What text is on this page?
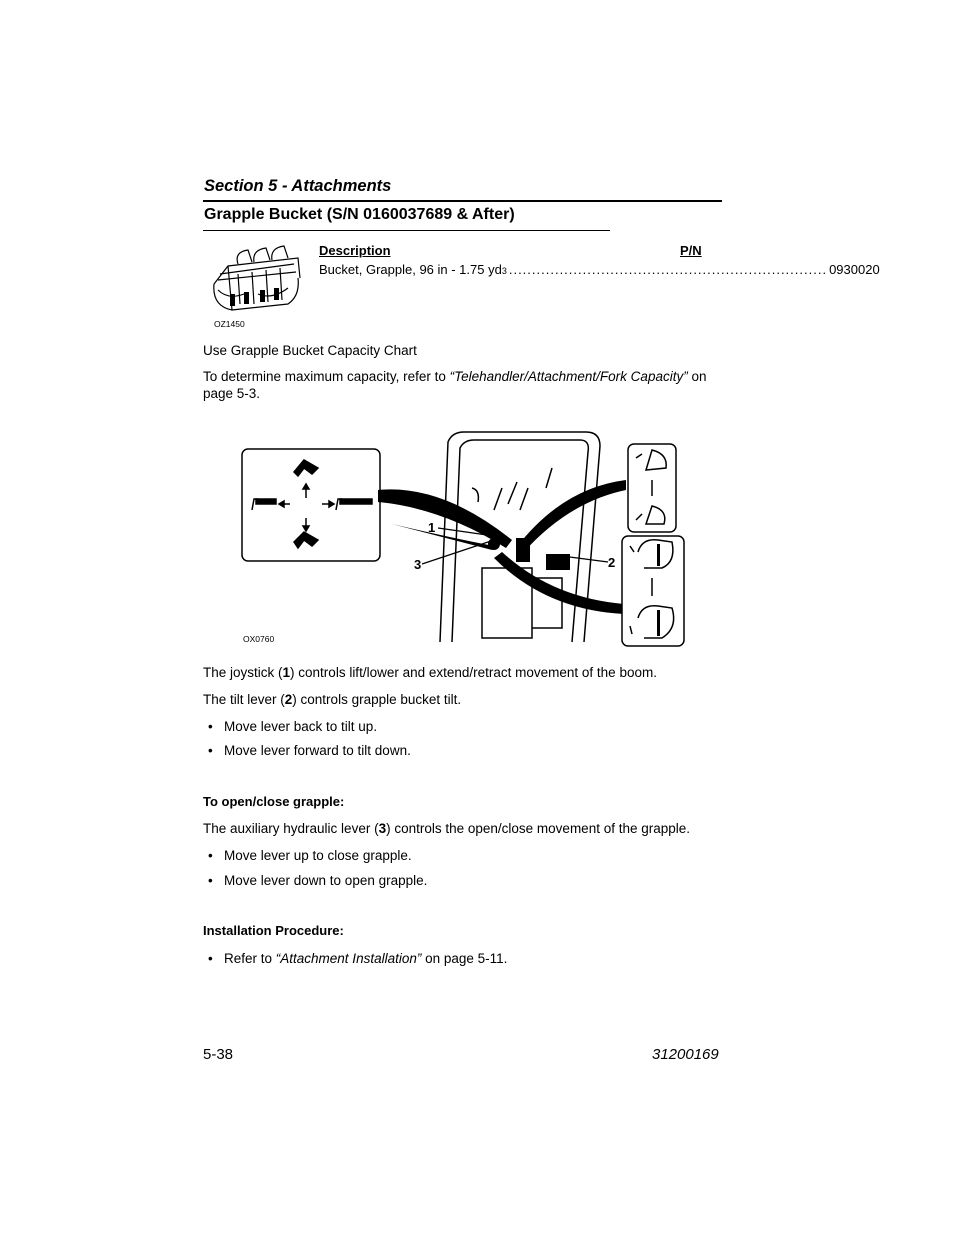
Section 5 - Attachments
Grapple Bucket (S/N 0160037689 & After)
OZ1450
Description	P/N
Bucket, Grapple, 96 in - 1.75 yd 3 ..................................................................... 0930020

Use Grapple Bucket Capacity Chart

To determine maximum capacity, refer to “Telehandler/Attachment/Fork Capacity” on page 5-3.

1
2
3
OX0760

The joystick (1) controls lift/lower and extend/retract movement of the boom.

The tilt lever (2) controls grapple bucket tilt.

• Move lever back to tilt up.
• Move lever forward to tilt down.
To open/close grapple:

The auxiliary hydraulic lever (3) controls the open/close movement of the grapple.

• Move lever up to close grapple.
• Move lever down to open grapple.
Installation Procedure:
• Refer to “Attachment Installation” on page 5-11.
5-38	31200169
